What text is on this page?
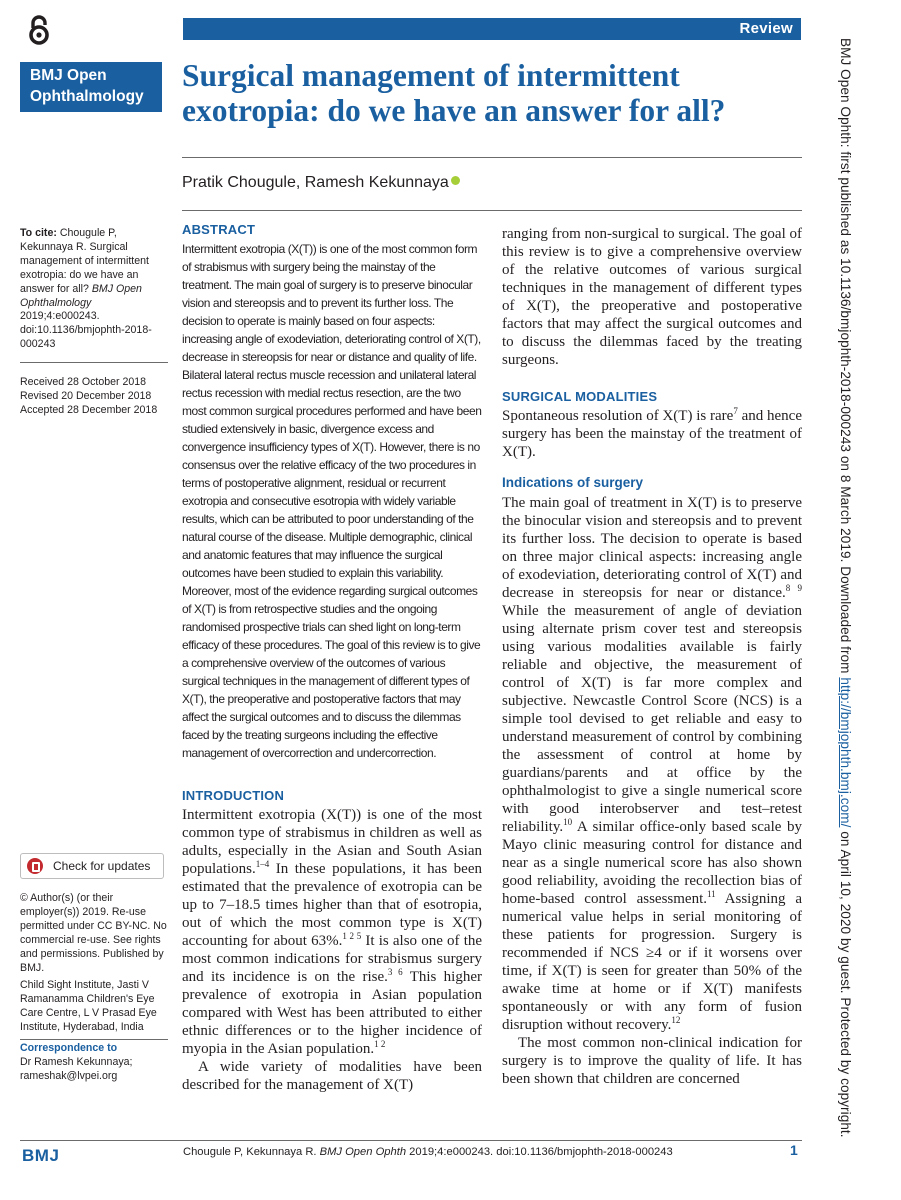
Review
BMJ Open
Ophthalmology
Surgical management of intermittent exotropia: do we have an answer for all?
Pratik Chougule, Ramesh Kekunnaya
To cite: Chougule P, Kekunnaya R. Surgical management of intermittent exotropia: do we have an answer for all? BMJ Open Ophthalmology 2019;4:e000243. doi:10.1136/bmjophth-2018-000243
Received 28 October 2018
Revised 20 December 2018
Accepted 28 December 2018
Check for updates
© Author(s) (or their employer(s)) 2019. Re-use permitted under CC BY-NC. No commercial re-use. See rights and permissions. Published by BMJ.
Child Sight Institute, Jasti V Ramanamma Children's Eye Care Centre, L V Prasad Eye Institute, Hyderabad, India
Correspondence to
Dr Ramesh Kekunnaya;
rameshak@lvpei.org
ABSTRACT
Intermittent exotropia (X(T)) is one of the most common form of strabismus with surgery being the mainstay of the treatment. The main goal of surgery is to preserve binocular vision and stereopsis and to prevent its further loss. The decision to operate is mainly based on four aspects: increasing angle of exodeviation, deteriorating control of X(T), decrease in stereopsis for near or distance and quality of life. Bilateral lateral rectus muscle recession and unilateral lateral rectus recession with medial rectus resection, are the two most common surgical procedures performed and have been studied extensively in basic, divergence excess and convergence insufficiency types of X(T). However, there is no consensus over the relative efficacy of the two procedures in terms of postoperative alignment, residual or recurrent exotropia and consecutive esotropia with widely variable results, which can be attributed to poor understanding of the natural course of the disease. Multiple demographic, clinical and anatomic features that may influence the surgical outcomes have been studied to explain this variability. Moreover, most of the evidence regarding surgical outcomes of X(T) is from retrospective studies and the ongoing randomised prospective trials can shed light on long-term efficacy of these procedures. The goal of this review is to give a comprehensive overview of the outcomes of various surgical techniques in the management of different types of X(T), the preoperative and postoperative factors that may affect the surgical outcomes and to discuss the dilemmas faced by the treating surgeons including the effective management of overcorrection and undercorrection.
INTRODUCTION
Intermittent exotropia (X(T)) is one of the most common type of strabismus in children as well as adults, especially in the Asian and South Asian populations.$^{1-4}$ In these populations, it has been estimated that the prevalence of exotropia can be up to 7–18.5 times higher than that of esotropia, out of which the most common type is X(T) accounting for about 63%.$^{1 2 5}$ It is also one of the most common indications for strabismus surgery and its incidence is on the rise.$^{3 6}$ This higher prevalence of exotropia in Asian population compared with West has been attributed to either ethnic differences or to the higher incidence of myopia in the Asian population.$^{1 2}$
A wide variety of modalities have been described for the management of X(T)
ranging from non-surgical to surgical. The goal of this review is to give a comprehensive overview of the relative outcomes of various surgical techniques in the management of different types of X(T), the preoperative and postoperative factors that may affect the surgical outcomes and to discuss the dilemmas faced by the treating surgeons.
SURGICAL MODALITIES
Spontaneous resolution of X(T) is rare$^7$ and hence surgery has been the mainstay of the treatment of X(T).
Indications of surgery
The main goal of treatment in X(T) is to preserve the binocular vision and stereopsis and to prevent its further loss. The decision to operate is based on three major clinical aspects: increasing angle of exodeviation, deteriorating control of X(T) and decrease in stereopsis for near or distance.$^{8 9}$ While the measurement of angle of deviation using alternate prism cover test and stereopsis using various modalities available is fairly reliable and objective, the measurement of control of X(T) is far more complex and subjective. Newcastle Control Score (NCS) is a simple tool devised to get reliable and easy to understand measurement of control by combining the assessment of control at home by guardians/parents and at office by the ophthalmologist to give a single numerical score with good interobserver and test–retest reliability.$^{10}$ A similar office-only based scale by Mayo clinic measuring control for distance and near as a single numerical score has also shown good reliability, avoiding the recollection bias of home-based control assessment.$^{11}$ Assigning a numerical value helps in serial monitoring of these patients for progression. Surgery is recommended if NCS ≥4 or if it worsens over time, if X(T) is seen for greater than 50% of the awake time at home or if X(T) manifests spontaneously or with any form of fusion disruption without recovery.$^{12}$
The most common non-clinical indication for surgery is to improve the quality of life. It has been shown that children are concerned
BMJ Open Ophth: first published as 10.1136/bmjophth-2018-000243 on 8 March 2019. Downloaded from http://bmjophth.bmj.com/ on April 10, 2020 by guest. Protected by copyright.
BMJ	Chougule P, Kekunnaya R. BMJ Open Ophth 2019;4:e000243. doi:10.1136/bmjophth-2018-000243	1
